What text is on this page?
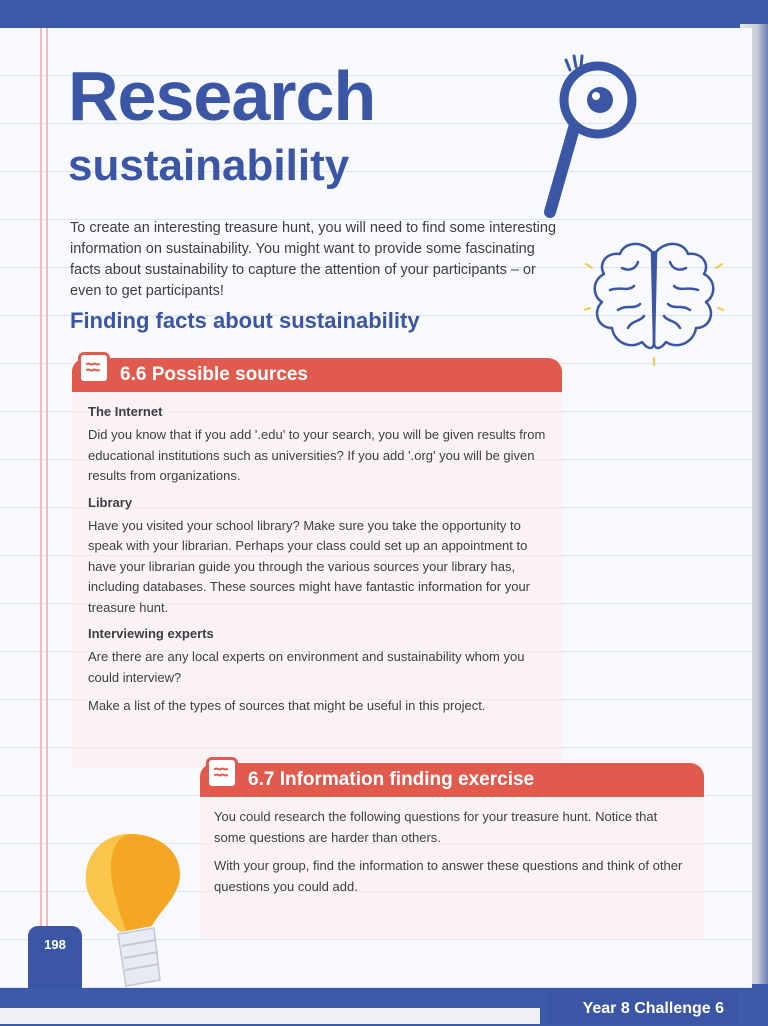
Research
sustainability

To create an interesting treasure hunt, you will need to find some interesting information on sustainability. You might want to provide some fascinating facts about sustainability to capture the attention of your participants – or even to get participants!

Finding facts about sustainability
6.6 Possible sources

The Internet

Did you know that if you add '.edu' to your search, you will be given results from educational institutions such as universities? If you add '.org' you will be given results from organizations.

Library

Have you visited your school library? Make sure you take the opportunity to speak with your librarian. Perhaps your class could set up an appointment to have your librarian guide you through the various sources your library has, including databases. These sources might have fantastic information for your treasure hunt.

Interviewing experts

Are there are any local experts on environment and sustainability whom you could interview?

Make a list of the types of sources that might be useful in this project.

6.7 Information finding exercise

You could research the following questions for your treasure hunt. Notice that some questions are harder than others.

With your group, find the information to answer these questions and think of other questions you could add.

198
Year 8 Challenge 6
